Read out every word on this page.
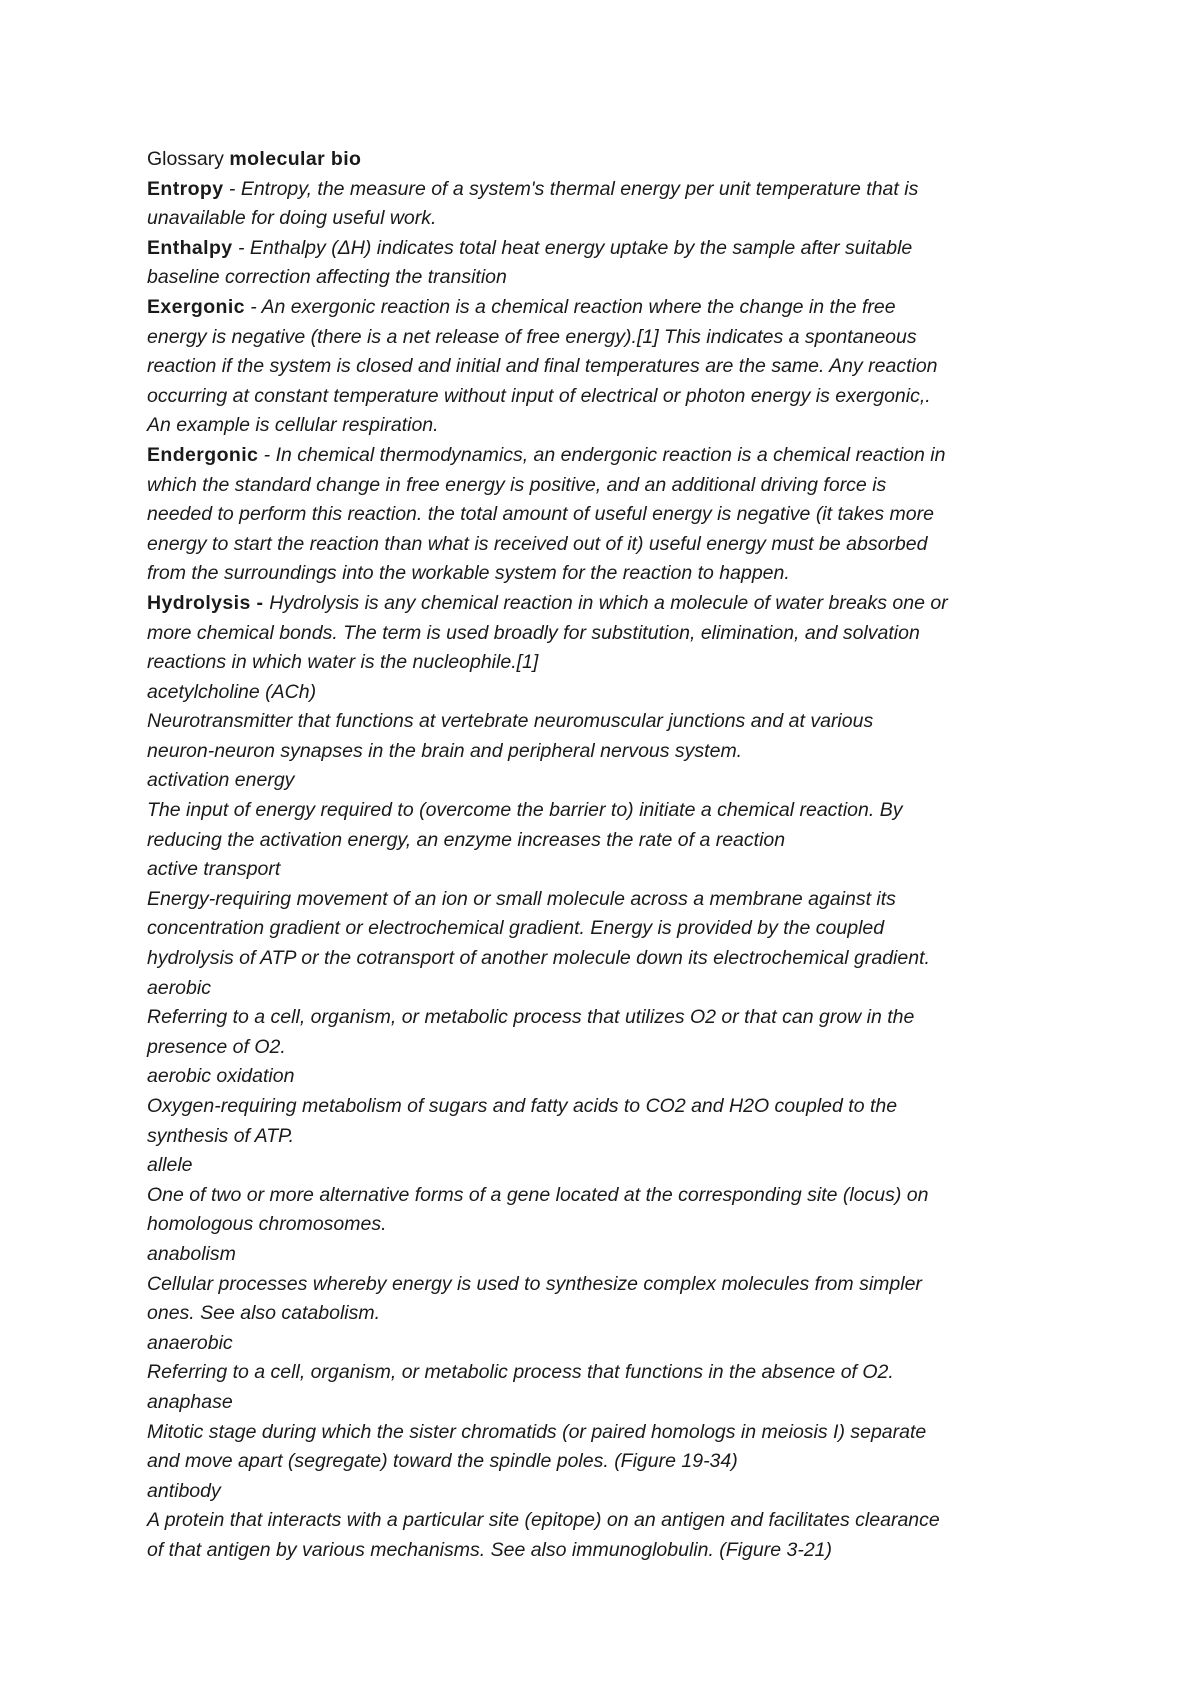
Glossary molecular bio
Entropy - Entropy, the measure of a system's thermal energy per unit temperature that is
unavailable for doing useful work.
Enthalpy - Enthalpy (ΔH) indicates total heat energy uptake by the sample after suitable
baseline correction affecting the transition
Exergonic - An exergonic reaction is a chemical reaction where the change in the free
energy is negative (there is a net release of free energy).[1] This indicates a spontaneous
reaction if the system is closed and initial and final temperatures are the same. Any reaction
occurring at constant temperature without input of electrical or photon energy is exergonic,.
An example is cellular respiration.
Endergonic - In chemical thermodynamics, an endergonic reaction is a chemical reaction in
which the standard change in free energy is positive, and an additional driving force is
needed to perform this reaction. the total amount of useful energy is negative (it takes more
energy to start the reaction than what is received out of it) useful energy must be absorbed
from the surroundings into the workable system for the reaction to happen.
Hydrolysis - Hydrolysis is any chemical reaction in which a molecule of water breaks one or
more chemical bonds. The term is used broadly for substitution, elimination, and solvation
reactions in which water is the nucleophile.[1]
acetylcholine (ACh)
Neurotransmitter that functions at vertebrate neuromuscular junctions and at various
neuron-neuron synapses in the brain and peripheral nervous system.
activation energy
The input of energy required to (overcome the barrier to) initiate a chemical reaction. By
reducing the activation energy, an enzyme increases the rate of a reaction
active transport
Energy-requiring movement of an ion or small molecule across a membrane against its
concentration gradient or electrochemical gradient. Energy is provided by the coupled
hydrolysis of ATP or the cotransport of another molecule down its electrochemical gradient.
aerobic
Referring to a cell, organism, or metabolic process that utilizes O2 or that can grow in the
presence of O2.
aerobic oxidation
Oxygen-requiring metabolism of sugars and fatty acids to CO2 and H2O coupled to the
synthesis of ATP.
allele
One of two or more alternative forms of a gene located at the corresponding site (locus) on
homologous chromosomes.
anabolism
Cellular processes whereby energy is used to synthesize complex molecules from simpler
ones. See also catabolism.
anaerobic
Referring to a cell, organism, or metabolic process that functions in the absence of O2.
anaphase
Mitotic stage during which the sister chromatids (or paired homologs in meiosis I) separate
and move apart (segregate) toward the spindle poles. (Figure 19-34)
antibody
A protein that interacts with a particular site (epitope) on an antigen and facilitates clearance
of that antigen by various mechanisms. See also immunoglobulin. (Figure 3-21)
